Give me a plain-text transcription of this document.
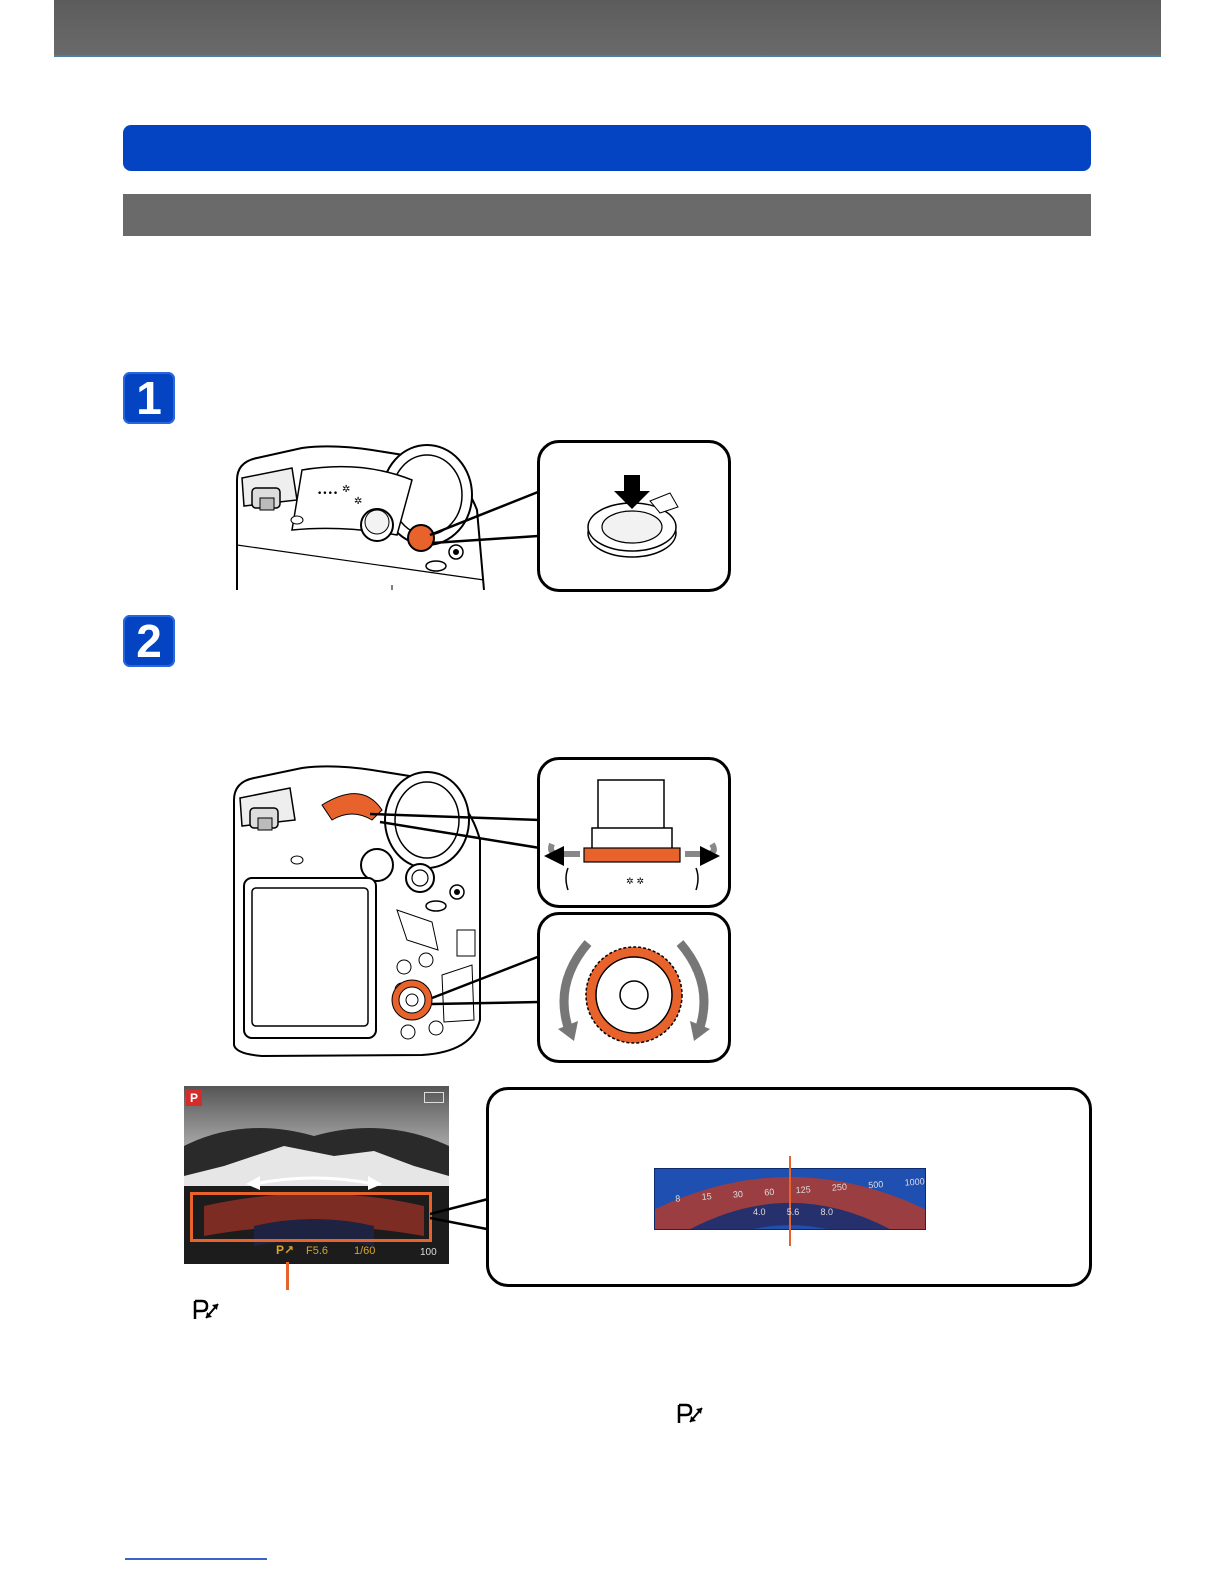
1
•••• ✲
✲
2
✲ ✲
P
P↗ F5.6 1/60	100
8 15 30 60 125 250 500 1000
4.0 5.6 8.0
